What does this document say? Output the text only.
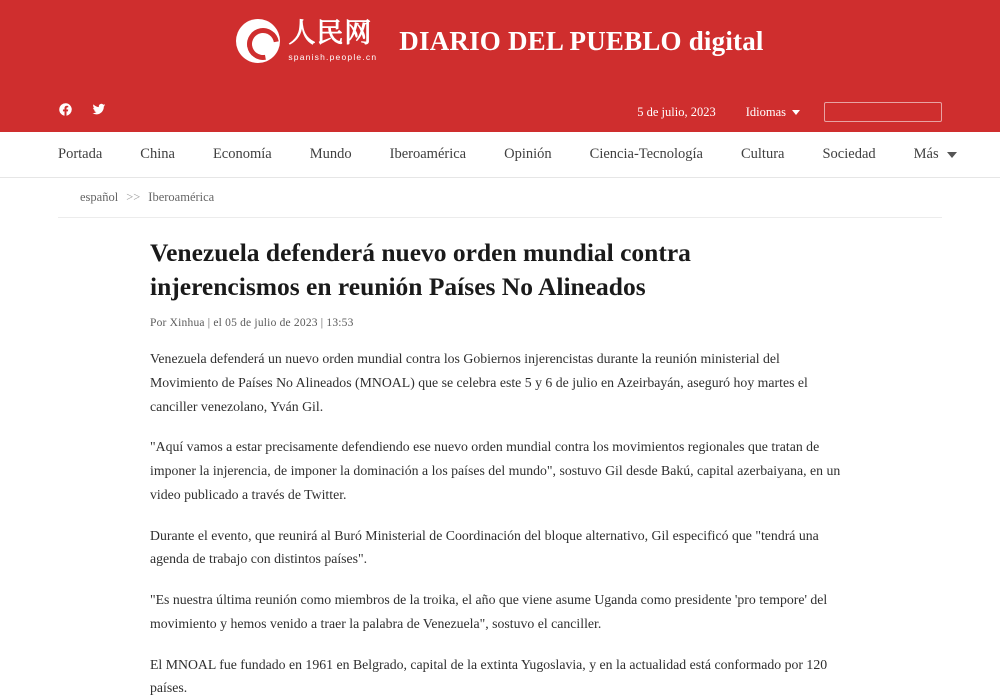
人民网
spanish.people.cn
DIARIO DEL PUEBLO digital
5 de julio, 2023 Idiomas
Portada	China	Economía	Mundo	Iberoamérica	Opinión	Ciencia-Tecnología	Cultura	Sociedad	Más
español >> Iberoamérica
Venezuela defenderá nuevo orden mundial contra injerencismos en reunión Países No Alineados
Por Xinhua | el 05 de julio de 2023 | 13:53

Venezuela defenderá un nuevo orden mundial contra los Gobiernos injerencistas durante la reunión ministerial del Movimiento de Países No Alineados (MNOAL) que se celebra este 5 y 6 de julio en Azeirbayán, aseguró hoy martes el canciller venezolano, Yván Gil.

"Aquí vamos a estar precisamente defendiendo ese nuevo orden mundial contra los movimientos regionales que tratan de imponer la injerencia, de imponer la dominación a los países del mundo", sostuvo Gil desde Bakú, capital azerbaiyana, en un video publicado a través de Twitter.

Durante el evento, que reunirá al Buró Ministerial de Coordinación del bloque alternativo, Gil especificó que "tendrá una agenda de trabajo con distintos países".

"Es nuestra última reunión como miembros de la troika, el año que viene asume Uganda como presidente 'pro tempore' del movimiento y hemos venido a traer la palabra de Venezuela", sostuvo el canciller.

El MNOAL fue fundado en 1961 en Belgrado, capital de la extinta Yugoslavia, y en la actualidad está conformado por 120 países.
